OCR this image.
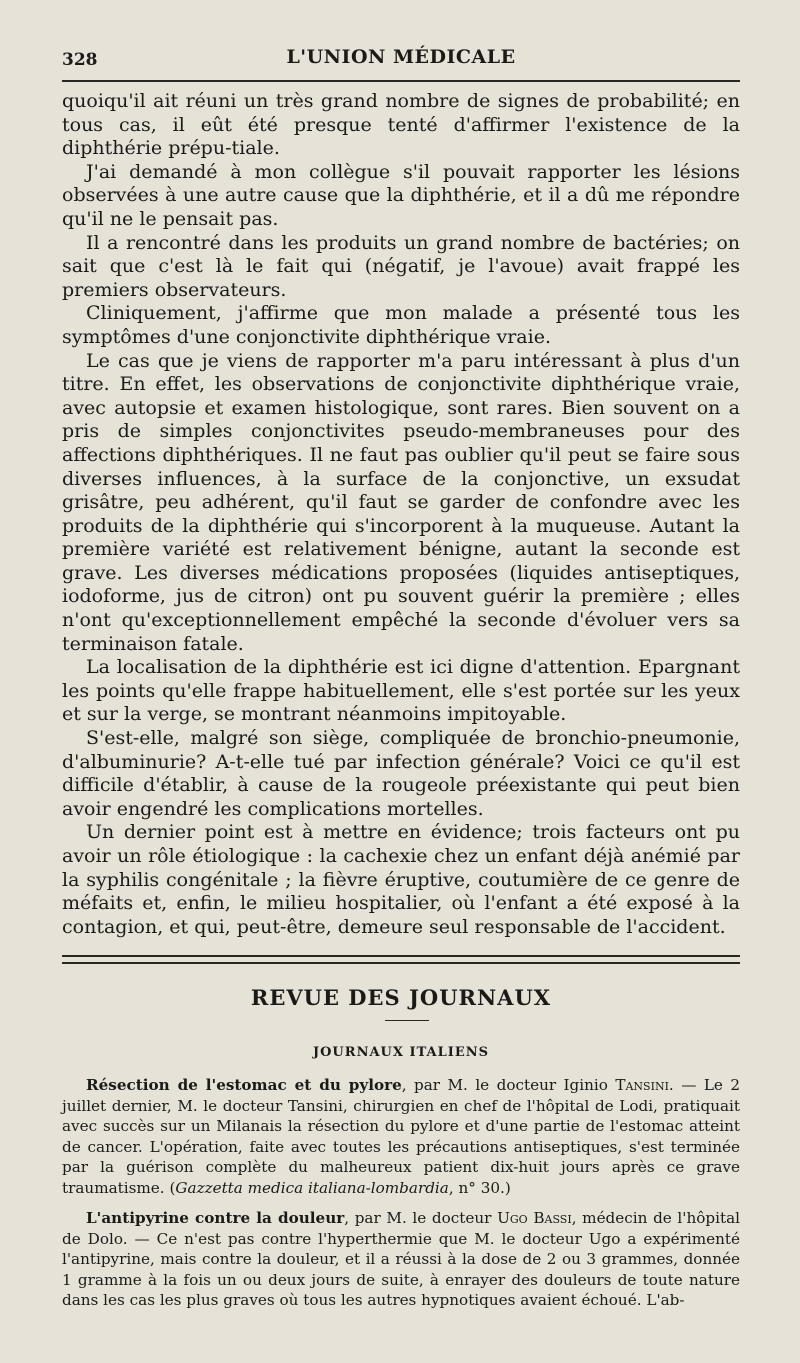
328	L'UNION MÉDICALE

quoiqu'il ait réuni un très grand nombre de signes de probabilité; en tous cas, il eût été presque tenté d'affirmer l'existence de la diphthérie prépu-tiale.

J'ai demandé à mon collègue s'il pouvait rapporter les lésions observées à une autre cause que la diphthérie, et il a dû me répondre qu'il ne le pensait pas.

Il a rencontré dans les produits un grand nombre de bactéries; on sait que c'est là le fait qui (négatif, je l'avoue) avait frappé les premiers observateurs.

Cliniquement, j'affirme que mon malade a présenté tous les symptômes d'une conjonctivite diphthérique vraie.

Le cas que je viens de rapporter m'a paru intéressant à plus d'un titre. En effet, les observations de conjonctivite diphthérique vraie, avec autopsie et examen histologique, sont rares. Bien souvent on a pris de simples conjonctivites pseudo-membraneuses pour des affections diphthériques. Il ne faut pas oublier qu'il peut se faire sous diverses influences, à la surface de la conjonctive, un exsudat grisâtre, peu adhérent, qu'il faut se garder de confondre avec les produits de la diphthérie qui s'incorporent à la muqueuse. Autant la première variété est relativement bénigne, autant la seconde est grave. Les diverses médications proposées (liquides antiseptiques, iodoforme, jus de citron) ont pu souvent guérir la première ; elles n'ont qu'exceptionnellement empêché la seconde d'évoluer vers sa terminaison fatale.

La localisation de la diphthérie est ici digne d'attention. Epargnant les points qu'elle frappe habituellement, elle s'est portée sur les yeux et sur la verge, se montrant néanmoins impitoyable.

S'est-elle, malgré son siège, compliquée de bronchio-pneumonie, d'albuminurie? A-t-elle tué par infection générale? Voici ce qu'il est difficile d'établir, à cause de la rougeole préexistante qui peut bien avoir engendré les complications mortelles.

Un dernier point est à mettre en évidence; trois facteurs ont pu avoir un rôle étiologique : la cachexie chez un enfant déjà anémié par la syphilis congénitale ; la fièvre éruptive, coutumière de ce genre de méfaits et, enfin, le milieu hospitalier, où l'enfant a été exposé à la contagion, et qui, peut-être, demeure seul responsable de l'accident.

REVUE DES JOURNAUX
JOURNAUX ITALIENS

Résection de l'estomac et du pylore, par M. le docteur Iginio Tansini. — Le 2 juillet dernier, M. le docteur Tansini, chirurgien en chef de l'hôpital de Lodi, pratiquait avec succès sur un Milanais la résection du pylore et d'une partie de l'estomac atteint de cancer. L'opération, faite avec toutes les précautions antiseptiques, s'est terminée par la guérison complète du malheureux patient dix-huit jours après ce grave traumatisme. (Gazzetta medica italiana-lombardia, n° 30.)

L'antipyrine contre la douleur, par M. le docteur Ugo Bassi, médecin de l'hôpital de Dolo. — Ce n'est pas contre l'hyperthermie que M. le docteur Ugo a expérimenté l'antipyrine, mais contre la douleur, et il a réussi à la dose de 2 ou 3 grammes, donnée 1 gramme à la fois un ou deux jours de suite, à enrayer des douleurs de toute nature dans les cas les plus graves où tous les autres hypnotiques avaient échoué. L'ab-
